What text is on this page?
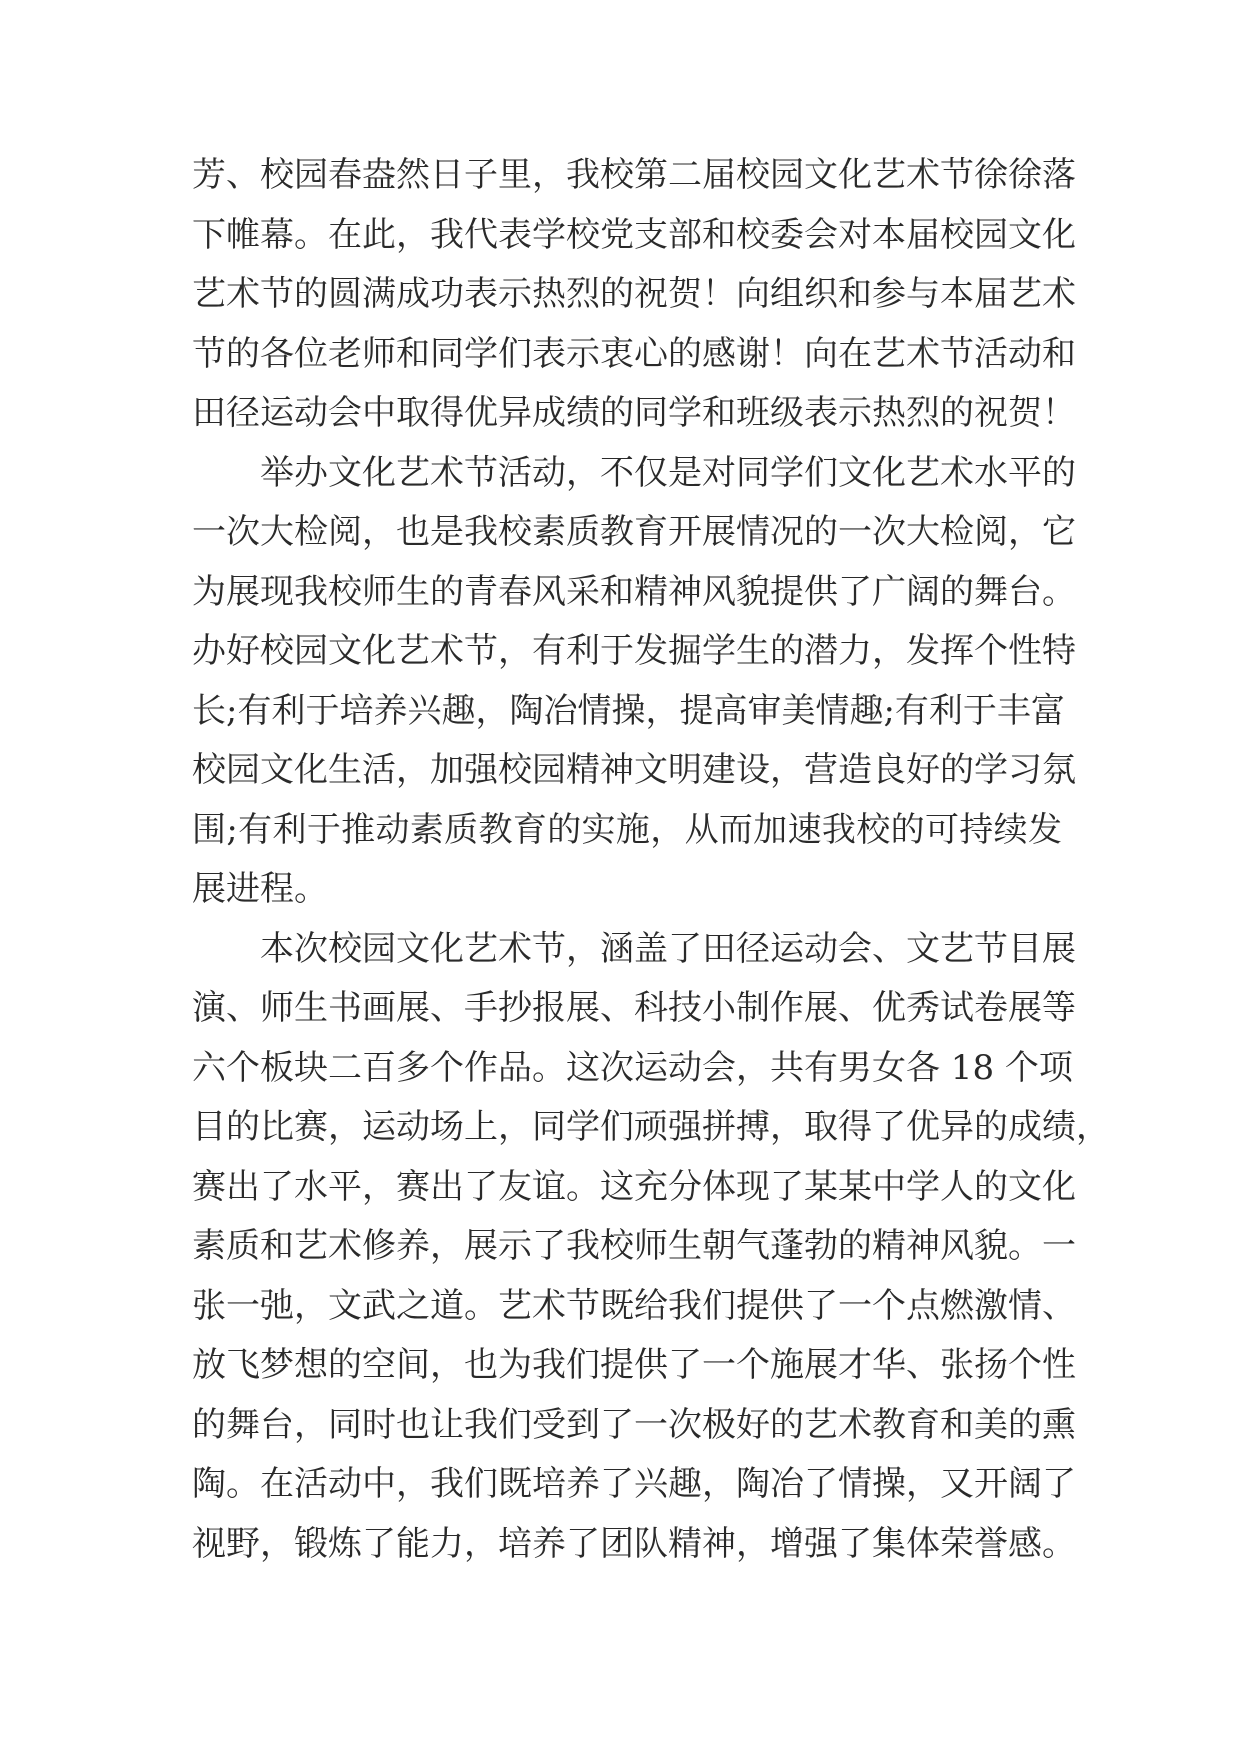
芳、校园春盎然日子里，我校第二届校园文化艺术节徐徐落
下帷幕。在此，我代表学校党支部和校委会对本届校园文化
艺术节的圆满成功表示热烈的祝贺！向组织和参与本届艺术
节的各位老师和同学们表示衷心的感谢！向在艺术节活动和
田径运动会中取得优异成绩的同学和班级表示热烈的祝贺！
举办文化艺术节活动，不仅是对同学们文化艺术水平的
一次大检阅，也是我校素质教育开展情况的一次大检阅，它
为展现我校师生的青春风采和精神风貌提供了广阔的舞台。
办好校园文化艺术节，有利于发掘学生的潜力，发挥个性特
长;有利于培养兴趣，陶冶情操，提高审美情趣;有利于丰富
校园文化生活，加强校园精神文明建设，营造良好的学习氛
围;有利于推动素质教育的实施，从而加速我校的可持续发
展进程。
本次校园文化艺术节，涵盖了田径运动会、文艺节目展
演、师生书画展、手抄报展、科技小制作展、优秀试卷展等
六个板块二百多个作品。这次运动会，共有男女各 18 个项
目的比赛，运动场上，同学们顽强拼搏，取得了优异的成绩，
赛出了水平，赛出了友谊。这充分体现了某某中学人的文化
素质和艺术修养，展示了我校师生朝气蓬勃的精神风貌。一
张一弛，文武之道。艺术节既给我们提供了一个点燃激情、
放飞梦想的空间，也为我们提供了一个施展才华、张扬个性
的舞台，同时也让我们受到了一次极好的艺术教育和美的熏
陶。在活动中，我们既培养了兴趣，陶冶了情操，又开阔了
视野，锻炼了能力，培养了团队精神，增强了集体荣誉感。
